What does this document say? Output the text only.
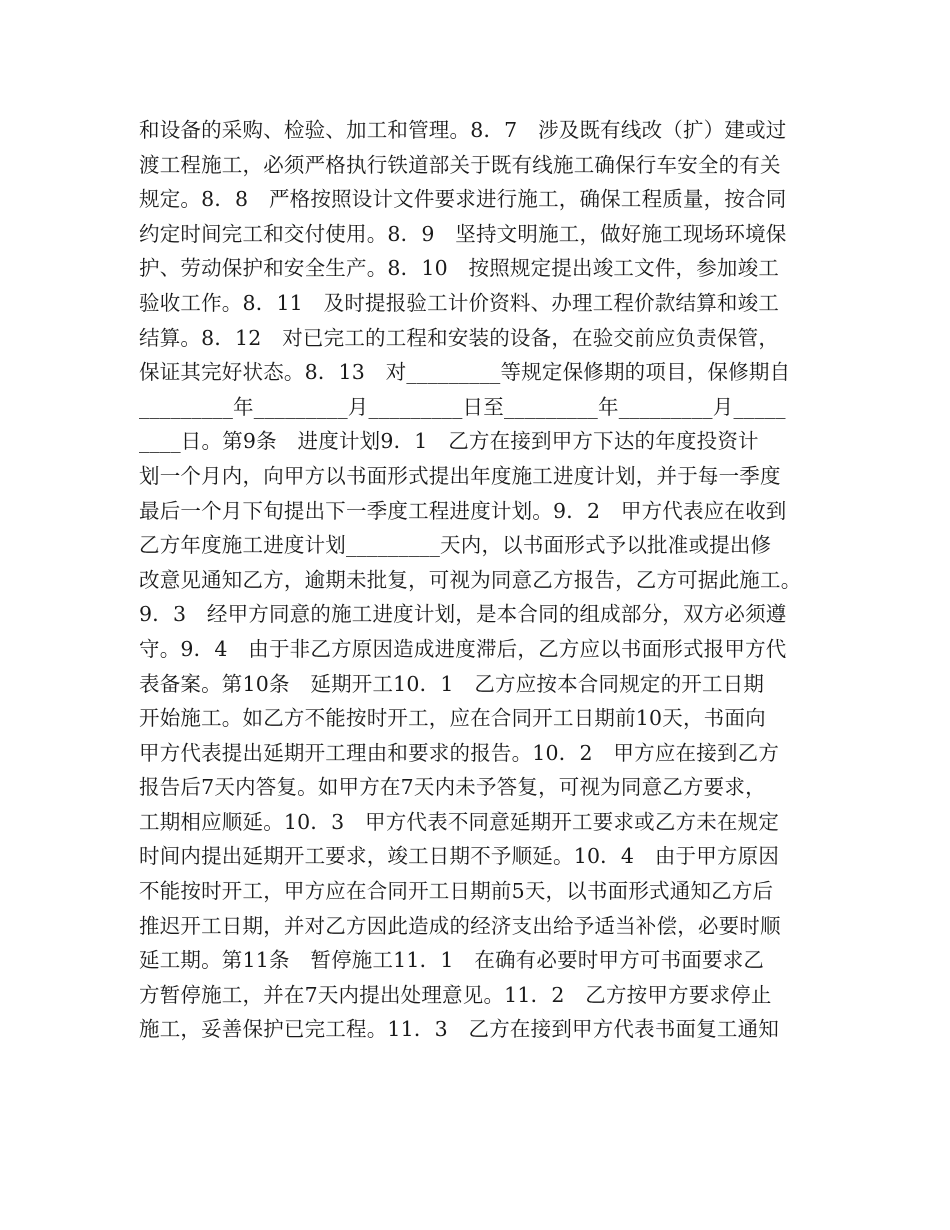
和设备的采购、检验、加工和管理。8．7　涉及既有线改（扩）建或过
渡工程施工，必须严格执行铁道部关于既有线施工确保行车安全的有关
规定。8．8　严格按照设计文件要求进行施工，确保工程质量，按合同
约定时间完工和交付使用。8．9　坚持文明施工，做好施工现场环境保
护、劳动保护和安全生产。8．10　按照规定提出竣工文件，参加竣工
验收工作。8．11　及时提报验工计价资料、办理工程价款结算和竣工
结算。8．12　对已完工的工程和安装的设备，在验交前应负责保管，
保证其完好状态。8．13　对_________等规定保修期的项目，保修期自
_________年_________月_________日至_________年_________月_____
____日。第9条　进度计划9．1　乙方在接到甲方下达的年度投资计
划一个月内，向甲方以书面形式提出年度施工进度计划，并于每一季度
最后一个月下旬提出下一季度工程进度计划。9．2　甲方代表应在收到
乙方年度施工进度计划_________天内，以书面形式予以批准或提出修
改意见通知乙方，逾期未批复，可视为同意乙方报告，乙方可据此施工。
9．3　经甲方同意的施工进度计划，是本合同的组成部分，双方必须遵
守。9．4　由于非乙方原因造成进度滞后，乙方应以书面形式报甲方代
表备案。第10条　延期开工10．1　乙方应按本合同规定的开工日期
开始施工。如乙方不能按时开工，应在合同开工日期前10天，书面向
甲方代表提出延期开工理由和要求的报告。10．2　甲方应在接到乙方
报告后7天内答复。如甲方在7天内未予答复，可视为同意乙方要求，
工期相应顺延。10．3　甲方代表不同意延期开工要求或乙方未在规定
时间内提出延期开工要求，竣工日期不予顺延。10．4　由于甲方原因
不能按时开工，甲方应在合同开工日期前5天，以书面形式通知乙方后
推迟开工日期，并对乙方因此造成的经济支出给予适当补偿，必要时顺
延工期。第11条　暂停施工11．1　在确有必要时甲方可书面要求乙
方暂停施工，并在7天内提出处理意见。11．2　乙方按甲方要求停止
施工，妥善保护已完工程。11．3　乙方在接到甲方代表书面复工通知
